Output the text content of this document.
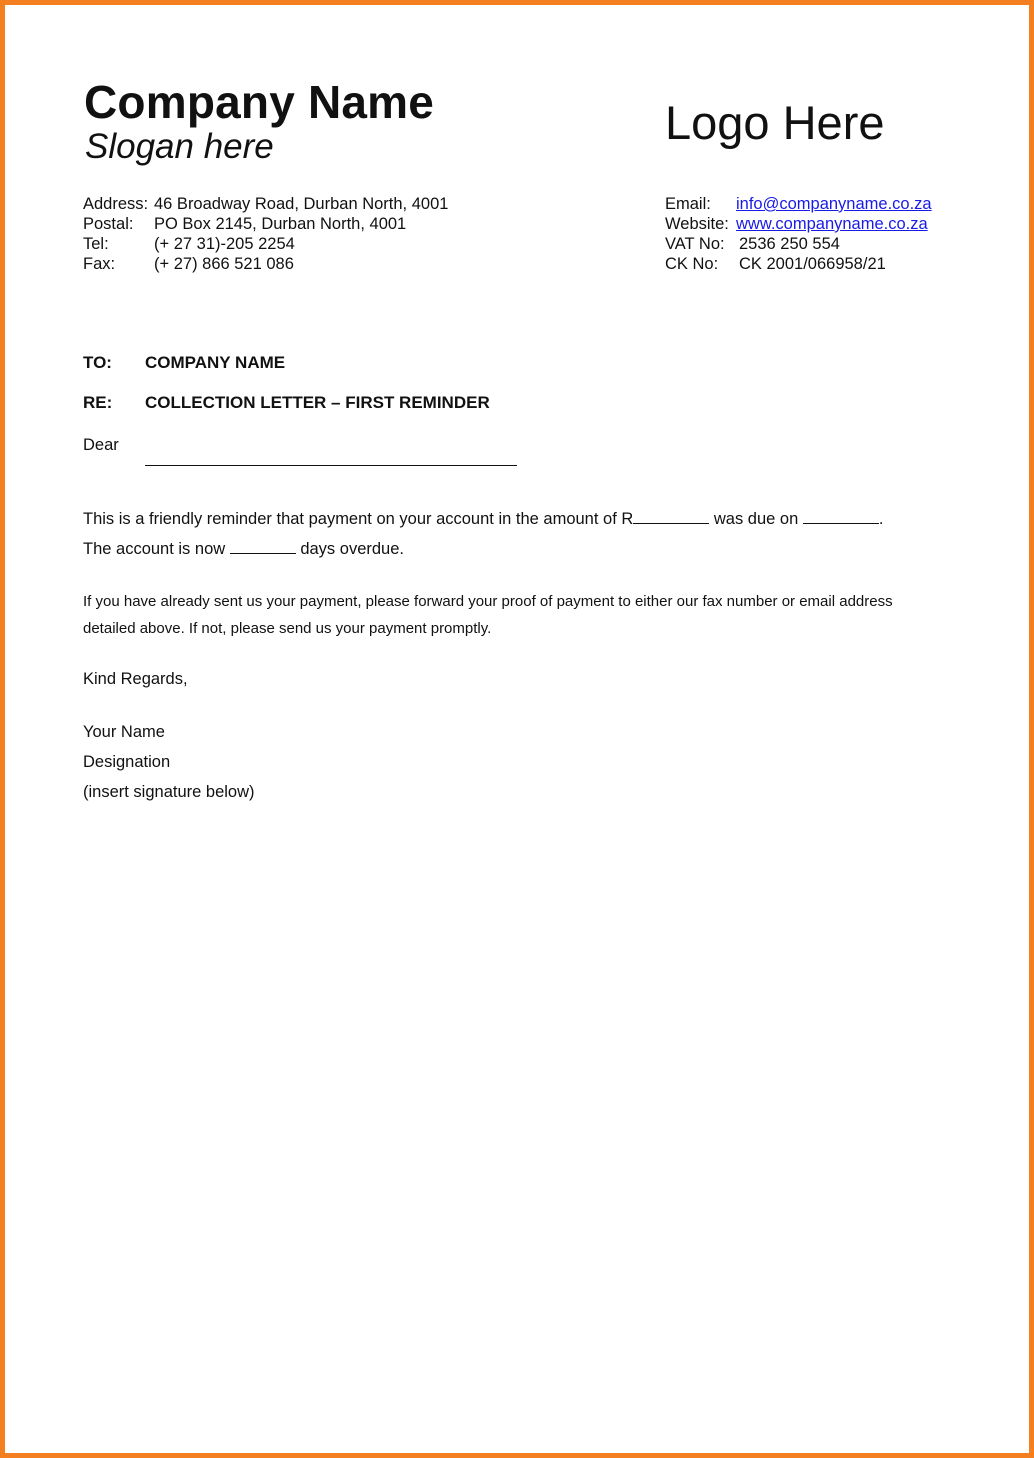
Company Name
Slogan here	Logo Here
Address: 46 Broadway Road, Durban North, 4001
Postal: PO Box 2145, Durban North, 4001
Tel:	(+ 27 31)-205 2254
Fax: (+ 27) 866 521 086
Email: info@companyname.co.za
Website: www.companyname.co.za
VAT No: 2536 250 554
CK No: CK 2001/066958/21
TO: COMPANY NAME
RE: COLLECTION LETTER – FIRST REMINDER
Dear
This is a friendly reminder that payment on your account in the amount of R	was due on	.
The account is now	days overdue.
If you have already sent us your payment, please forward your proof of payment to either our fax number or email address
detailed above. If not, please send us your payment promptly.
Kind Regards,
Your Name
Designation
(insert signature below)
